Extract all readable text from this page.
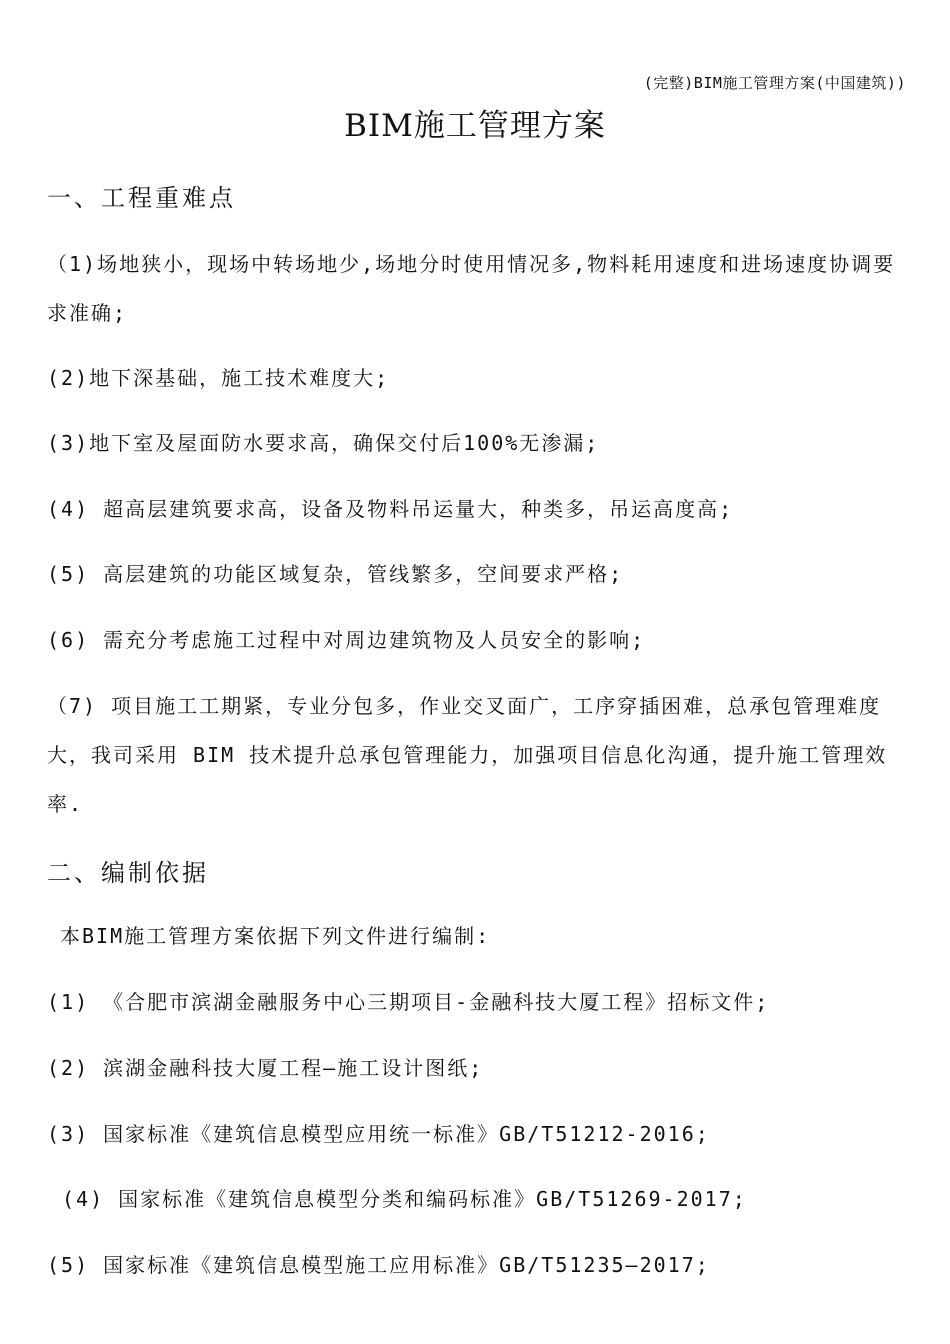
(完整)BIM施工管理方案(中国建筑))
BIM施工管理方案
一、工程重难点
（1)场地狭小，现场中转场地少,场地分时使用情况多,物料耗用速度和进场速度协调要求准确;
(2)地下深基础，施工技术难度大;
(3)地下室及屋面防水要求高，确保交付后100%无渗漏;
(4) 超高层建筑要求高，设备及物料吊运量大，种类多，吊运高度高;
(5) 高层建筑的功能区域复杂，管线繁多，空间要求严格;
(6) 需充分考虑施工过程中对周边建筑物及人员安全的影响;
（7) 项目施工工期紧，专业分包多，作业交叉面广，工序穿插困难，总承包管理难度大，我司采用 BIM 技术提升总承包管理能力，加强项目信息化沟通，提升施工管理效率.
二、编制依据
本BIM施工管理方案依据下列文件进行编制:
(1) 《合肥市滨湖金融服务中心三期项目-金融科技大厦工程》招标文件;
(2) 滨湖金融科技大厦工程—施工设计图纸;
(3) 国家标准《建筑信息模型应用统一标准》GB/T51212-2016;
(4) 国家标准《建筑信息模型分类和编码标准》GB/T51269-2017;
(5) 国家标准《建筑信息模型施工应用标准》GB/T51235—2017;
